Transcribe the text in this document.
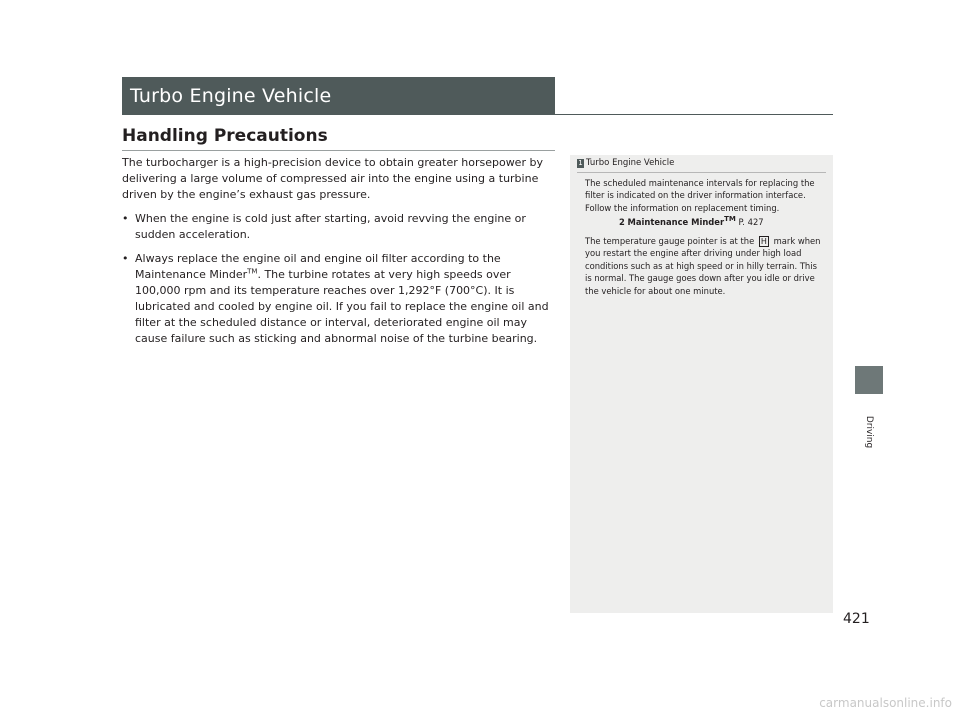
Turbo Engine Vehicle
Handling Precautions

The turbocharger is a high-precision device to obtain greater horsepower by delivering a large volume of compressed air into the engine using a turbine driven by the engine’s exhaust gas pressure.

• When the engine is cold just after starting, avoid revving the engine or sudden acceleration.
• Always replace the engine oil and engine oil filter according to the Maintenance Minder™. The turbine rotates at very high speeds over 100,000 rpm and its temperature reaches over 1,292°F (700°C). It is lubricated and cooled by engine oil. If you fail to replace the engine oil and filter at the scheduled distance or interval, deteriorated engine oil may cause failure such as sticking and abnormal noise of the turbine bearing.
1 Turbo Engine Vehicle

The scheduled maintenance intervals for replacing the filter is indicated on the driver information interface. Follow the information on replacement timing.

2 Maintenance Minder™ P. 427

The temperature gauge pointer is at the H mark when you restart the engine after driving under high load conditions such as at high speed or in hilly terrain. This is normal. The gauge goes down after you idle or drive the vehicle for about one minute.

Driving
421
carmanualsonline.info
